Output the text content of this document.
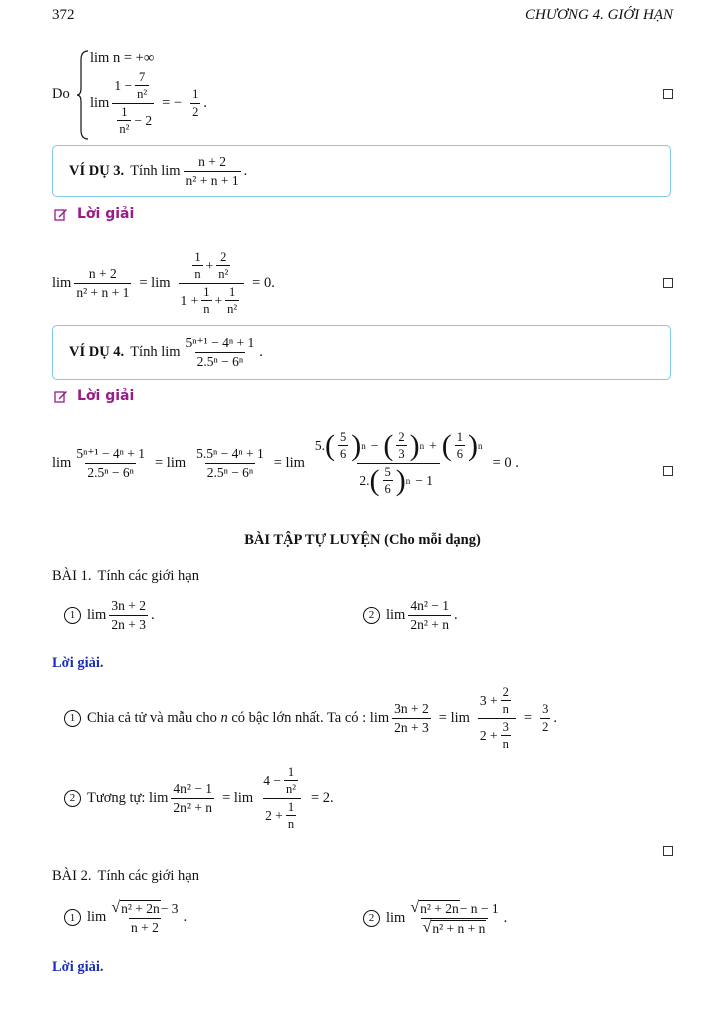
372	CHƯƠNG 4. GIỚI HẠN
Do
lim n = +∞
$\lim \frac{1 - \frac{7}{\text{n²}}}{\frac{1}{\text{n²}} - 2}$ = − $\frac{1}{2}$ .
VÍ DỤ 3. Tính $\lim \frac{n + 2}{\text{n² + n + 1}}$ .
Lời giải
$\lim \frac{n + 2}{\text{n² + n + 1}} = \lim \frac{\frac{1}{n} + \frac{2}{\text{n²}}}{1 + \frac{1}{n} + \frac{1}{\text{n²}}} = 0$.
VÍ DỤ 4. Tính $\lim \frac{\text{5ⁿ⁺¹ − 4ⁿ + 1}}{\text{2.5ⁿ − 6ⁿ}}$ .
Lời giải
$\lim \frac{\text{5ⁿ⁺¹ − 4ⁿ + 1}}{\text{2.5ⁿ − 6ⁿ}} = \lim \frac{\text{5.5ⁿ − 4ⁿ + 1}}{\text{2.5ⁿ − 6ⁿ}} = \lim \frac{5. ( \frac{5}{6} ) n - ( \frac{2}{3} ) n + ( \frac{1}{6} ) n}{2. ( \frac{5}{6} ) n - 1} = 0$ .
BÀI TẬP TỰ LUYỆN (Cho mỗi dạng)
BÀI 1. Tính các giới hạn
1 $\lim \frac{3n + 2}{2n + 3}$ .	2 $\lim \frac{\text{4n² − 1}}{\text{2n² + n}}$ .
Lời giải.
1 Chia cả tử và mẫu cho
n
có bậc lớn nhất. Ta có : $\lim \frac{3n + 2}{2n + 3} = \lim \frac{3 + \frac{2}{n}}{2 + \frac{3}{n}} = \frac{3}{2}$ .
2 Tương tự: $\lim \frac{\text{4n² − 1}}{\text{2n² + n}} = \lim \frac{4 - \frac{1}{\text{n²}}}{2 + \frac{1}{n}} = 2$.
BÀI 2. Tính các giới hạn
1 $\lim \frac{\text{√ n² + 2n − 3}}{n + 2}$ .	2 $\lim \frac{\text{√ n² + 2n − n − 1}}{\text{√ n² + n + n}}$ .
Lời giải.
